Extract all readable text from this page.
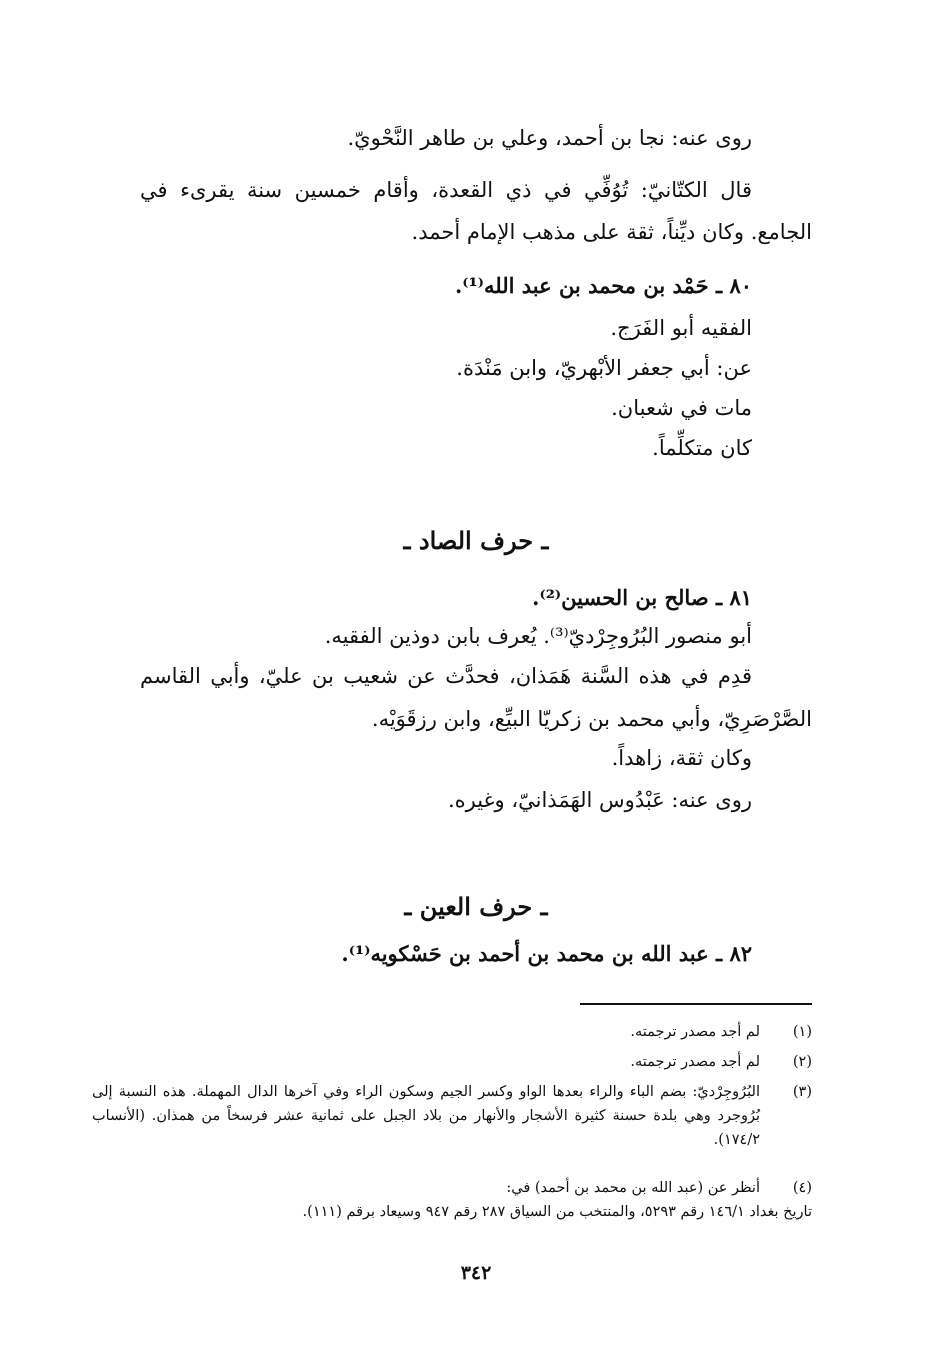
روى عنه: نجا بن أحمد، وعلي بن طاهر النَّحْويّ.
قال الكتّانيّ: تُوُفِّي في ذي القعدة، وأقام خمسين سنة يقرىء في
الجامع. وكان ديِّناً، ثقة على مذهب الإمام أحمد.
٨٠ ـ حَمْد بن محمد بن عبد الله⁽¹⁾.
الفقيه أبو الفَرَج.
عن: أبي جعفر الأبْهريّ، وابن مَنْدَة.
مات في شعبان.
كان متكلِّماً.
ـ حرف الصاد ـ
٨١ ـ صالح بن الحسين⁽²⁾.
أبو منصور البُرُوجِرْديّ⁽³⁾. يُعرف بابن دوذين الفقيه.
قدِم في هذه السَّنة هَمَذان، فحدَّث عن شعيب بن عليّ، وأبي القاسم
الصَّرْصَرِيّ، وأبي محمد بن زكريّا البيِّع، وابن رزقَوَيْه.
وكان ثقة، زاهداً.
روى عنه: عَبْدُوس الهَمَذانيّ، وغيره.
ـ حرف العين ـ
٨٢ ـ عبد الله بن محمد بن أحمد بن حَسْكويه⁽¹⁾.
(١)
لم أجد مصدر ترجمته.
(٢)
لم أجد مصدر ترجمته.
(٣)
البُرُوجِرْديّ: بضم الباء والراء بعدها الواو وكسر الجيم وسكون الراء وفي آخرها الدال المهملة. هذه النسبة إلى بُرُوجرد وهي بلدة حسنة كثيرة الأشجار والأنهار من بلاد الجبل على ثمانية عشر فرسخاً من همذان. (الأنساب ١٧٤/٢).
(٤)
أنظر عن (عبد الله بن محمد بن أحمد) في:
تاريخ بغداد ١٤٦/١ رقم ٥٢٩٣، والمنتخب من السياق ٢٨٧ رقم ٩٤٧ وسيعاد برقم (١١١).
٣٤٢
